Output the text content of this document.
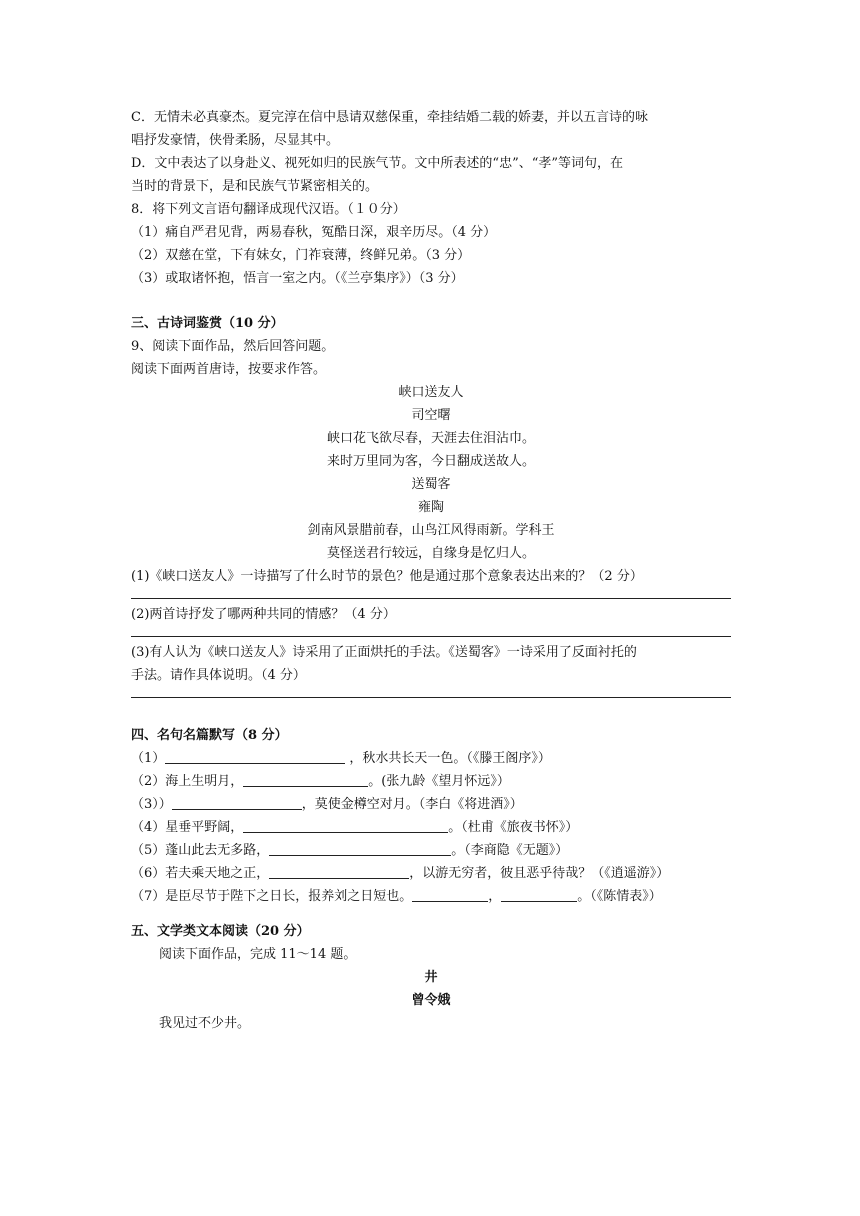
C．无情未必真豪杰。夏完淳在信中恳请双慈保重，牵挂结婚二载的娇妻，并以五言诗的咏
唱抒发豪情，侠骨柔肠，尽显其中。
D．文中表达了以身赴义、视死如归的民族气节。文中所表述的“忠”、“孝”等词句，在
当时的背景下，是和民族气节紧密相关的。
8．将下列文言语句翻译成现代汉语。（１０分）
（1）痛自严君见背，两易春秋，冤酷日深，艰辛历尽。（4 分）
（2）双慈在堂，下有妹女，门祚衰薄，终鲜兄弟。（3 分）
（3）或取诸怀抱，悟言一室之内。（《兰亭集序》）（3 分）
三、古诗词鉴赏（10 分）
9、阅读下面作品，然后回答问题。
阅读下面两首唐诗，按要求作答。
峡口送友人
司空曙
峡口花飞欲尽春，天涯去住泪沾巾。
来时万里同为客，今日翻成送故人。
送蜀客
雍陶
剑南风景腊前春，山鸟江风得雨新。学科王
莫怪送君行较远，自缘身是忆归人。
(1)《峡口送友人》一诗描写了什么时节的景色？他是通过那个意象表达出来的？（2 分）
(2)两首诗抒发了哪两种共同的情感？（4 分）
(3)有人认为《峡口送友人》诗采用了正面烘托的手法。《送蜀客》一诗采用了反面衬托的
手法。请作具体说明。（4 分）
四、名句名篇默写（8 分）
（1）	，秋水共长天一色。（《滕王阁序》）
（2）海上生明月，	。(张九龄《望月怀远》）
（3））	，莫使金樽空对月。（李白《将进酒》）
（4）星垂平野阔，	。（杜甫《旅夜书怀》）
（5）蓬山此去无多路，	。（李商隐《无题》）
（6）若夫乘天地之正，	，以游无穷者，彼且恶乎待哉？（《逍遥游》）
（7）是臣尽节于陛下之日长，报养刘之日短也。	，	。（《陈情表》）
五、文学类文本阅读（20 分）
阅读下面作品，完成 11～14 题。
井
曾令娥
我见过不少井。
